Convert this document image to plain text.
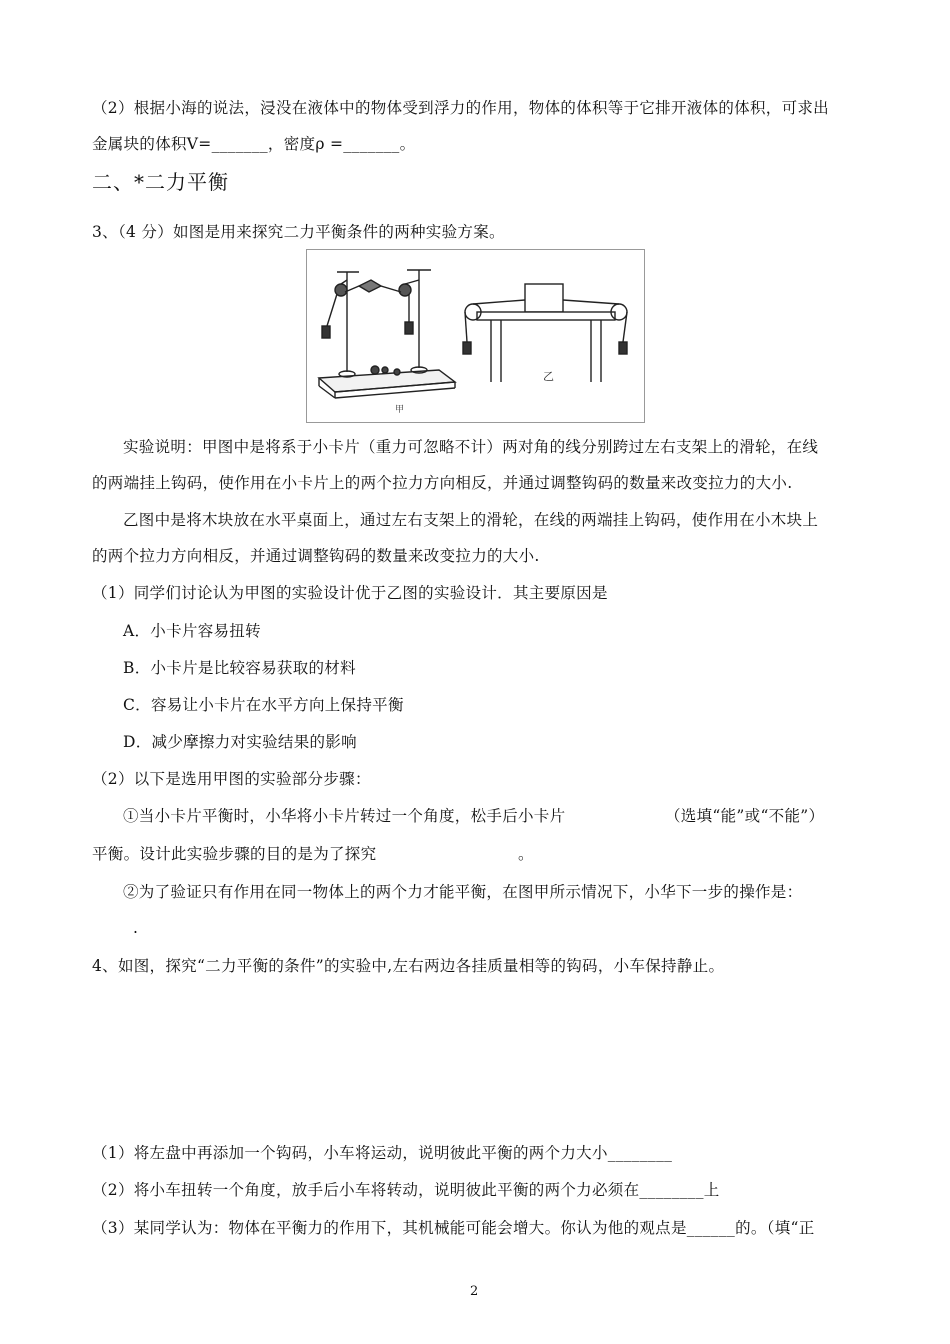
（2）根据小海的说法，浸没在液体中的物体受到浮力的作用，物体的体积等于它排开液体的体积，可求出
金属块的体积V=_______，密度ρ =_______。
二、*二力平衡
3、（4 分）如图是用来探究二力平衡条件的两种实验方案。
甲
乙
实验说明：甲图中是将系于小卡片（重力可忽略不计）两对角的线分别跨过左右支架上的滑轮，在线
的两端挂上钩码，使作用在小卡片上的两个拉力方向相反，并通过调整钩码的数量来改变拉力的大小.
乙图中是将木块放在水平桌面上，通过左右支架上的滑轮，在线的两端挂上钩码，使作用在小木块上
的两个拉力方向相反，并通过调整钩码的数量来改变拉力的大小.
（1）同学们讨论认为甲图的实验设计优于乙图的实验设计．其主要原因是
A．小卡片容易扭转
B．小卡片是比较容易获取的材料
C．容易让小卡片在水平方向上保持平衡
D．减少摩擦力对实验结果的影响
（2）以下是选用甲图的实验部分步骤：
①当小卡片平衡时，小华将小卡片转过一个角度，松手后小卡片	（选填“能”或“不能”）
平衡。设计此实验步骤的目的是为了探究	。
②为了验证只有作用在同一物体上的两个力才能平衡，在图甲所示情况下，小华下一步的操作是：
.
4、如图，探究“二力平衡的条件”的实验中,左右两边各挂质量相等的钩码，小车保持静止。
（1）将左盘中再添加一个钩码，小车将运动，说明彼此平衡的两个力大小________
（2）将小车扭转一个角度，放手后小车将转动，说明彼此平衡的两个力必须在________上
（3）某同学认为：物体在平衡力的作用下，其机械能可能会增大。你认为他的观点是______的。（填“正
2
